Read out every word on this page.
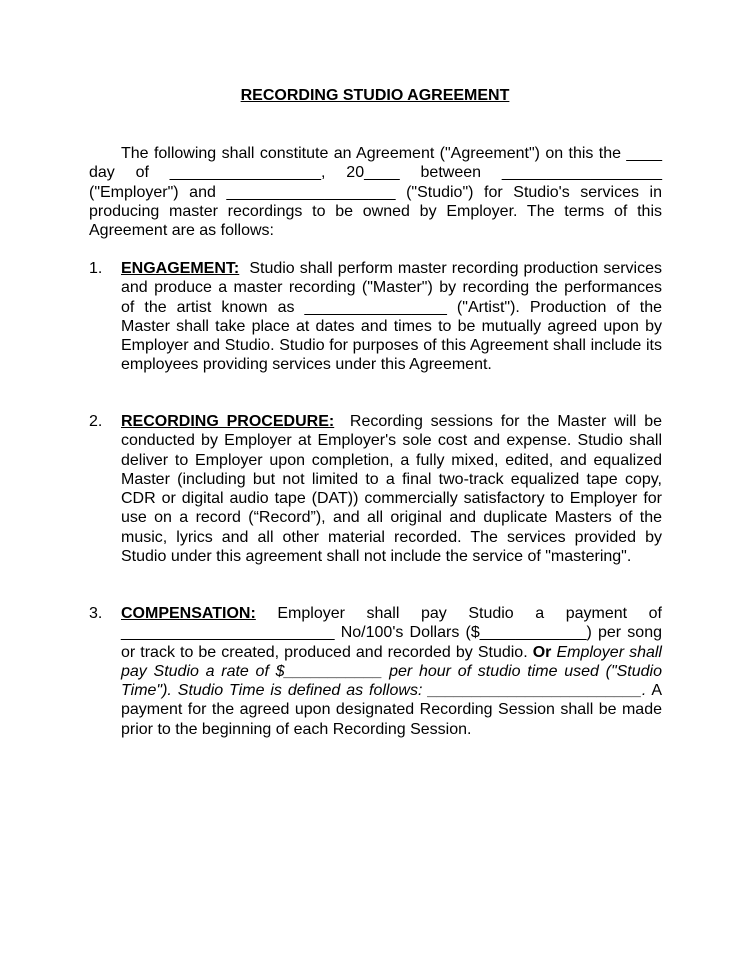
RECORDING STUDIO AGREEMENT

The following shall constitute an Agreement ("Agreement") on this the ____ day of _________________, 20____ between __________________ ("Employer") and ___________________ ("Studio") for Studio's services in producing master recordings to be owned by Employer. The terms of this Agreement are as follows:

1.	ENGAGEMENT: Studio shall perform master recording production services and produce a master recording ("Master") by recording the performances of the artist known as ________________ ("Artist"). Production of the Master shall take place at dates and times to be mutually agreed upon by Employer and Studio. Studio for purposes of this Agreement shall include its employees providing services under this Agreement.
2.	RECORDING PROCEDURE: Recording sessions for the Master will be conducted by Employer at Employer's sole cost and expense. Studio shall deliver to Employer upon completion, a fully mixed, edited, and equalized Master (including but not limited to a final two-track equalized tape copy, CDR or digital audio tape (DAT)) commercially satisfactory to Employer for use on a record (“Record”), and all original and duplicate Masters of the music, lyrics and all other material recorded. The services provided by Studio under this agreement shall not include the service of "mastering".
3.	COMPENSATION: Employer shall pay Studio a payment of ________________________ No/100's Dollars ($____________) per song or track to be created, produced and recorded by Studio. Or Employer shall pay Studio a rate of $___________ per hour of studio time used ("Studio Time"). Studio Time is defined as follows: ________________________. A payment for the agreed upon designated Recording Session shall be made prior to the beginning of each Recording Session.
